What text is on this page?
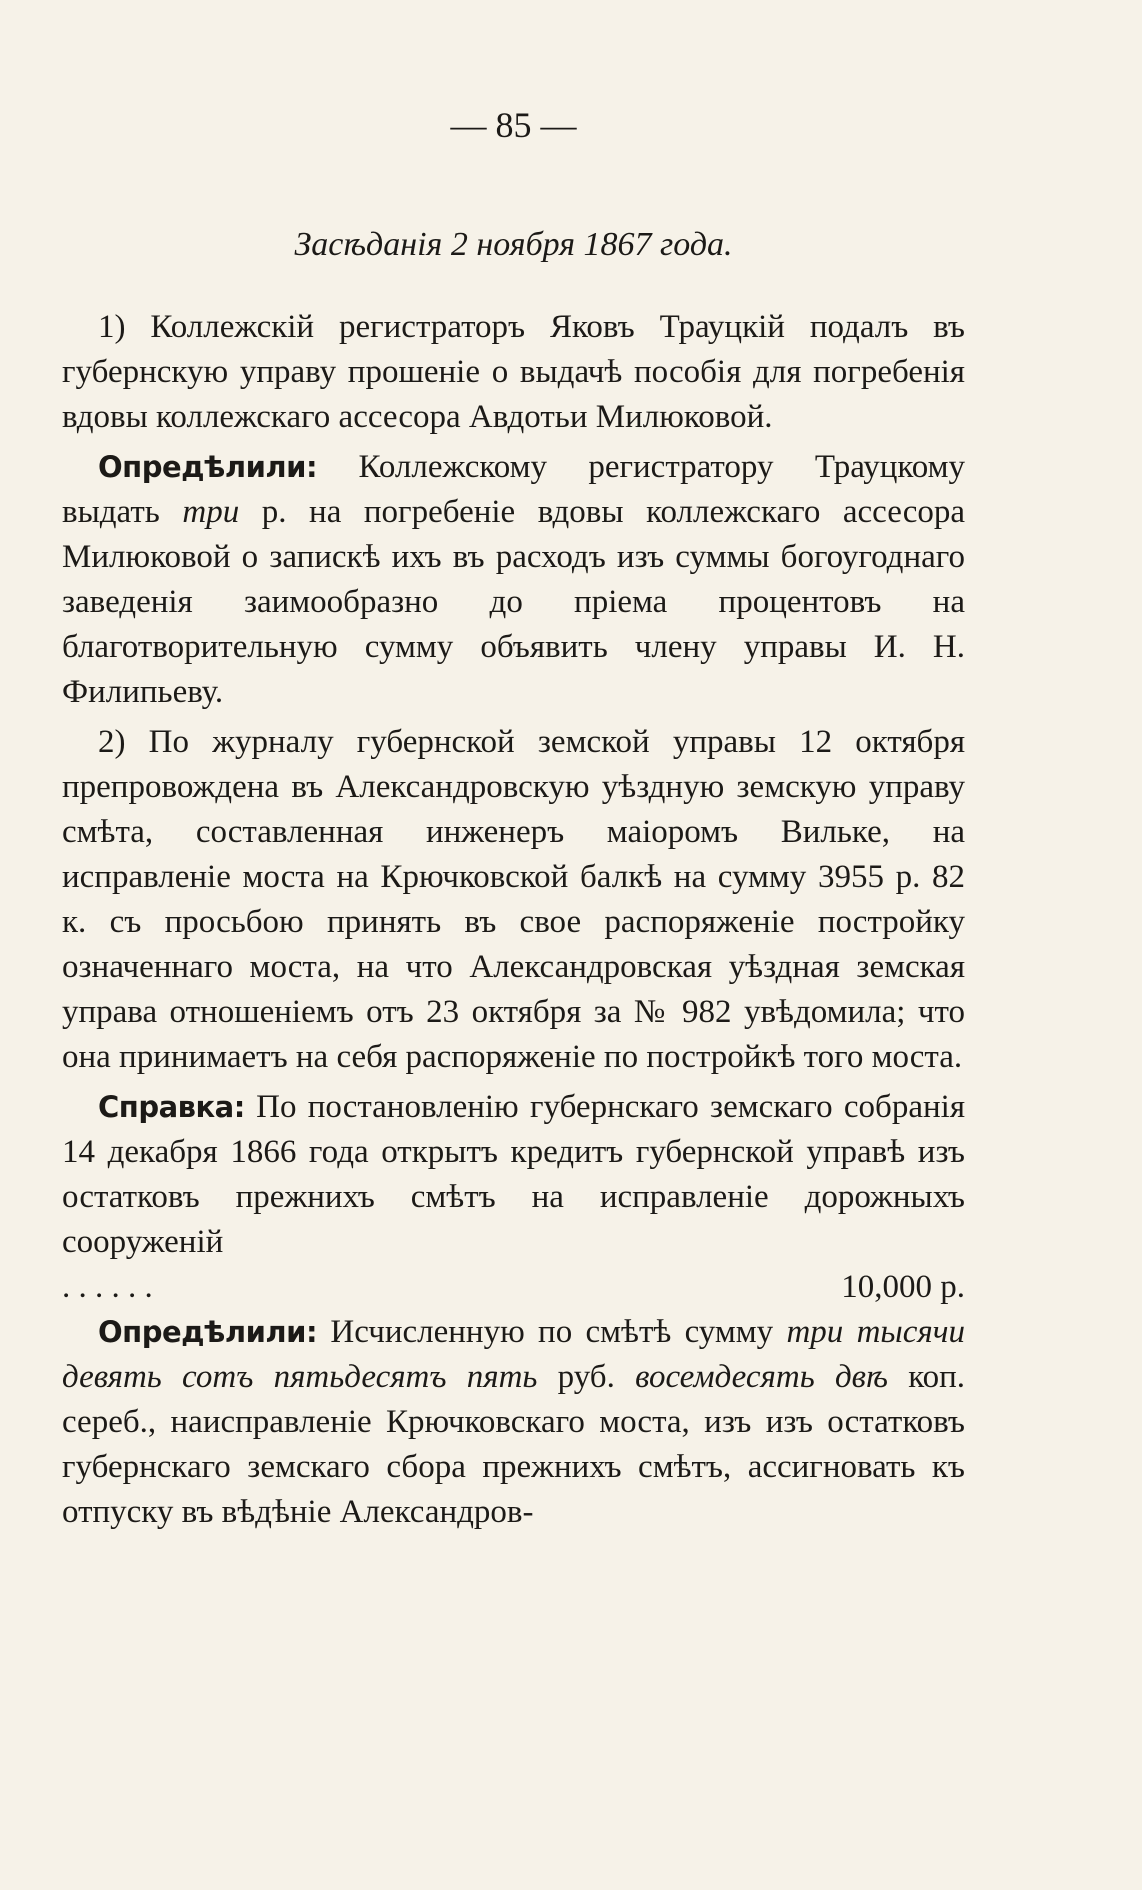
— 85 —
Засѣданія 2 ноября 1867 года.

1) Коллежскій регистраторъ Яковъ Трауцкій подалъ въ губернскую управу прошеніе о выдачѣ пособія для погребенія вдовы коллежскаго ассесора Авдотьи Милюковой.

Опредѣлили: Коллежскому регистратору Трауцкому выдать три р. на погребеніе вдовы коллежскаго ассесора Милюковой о запискѣ ихъ въ расходъ изъ суммы богоугоднаго заведенія заимообразно до пріема процентовъ на благотворительную сумму объявить члену управы И. Н. Филипьеву.

2) По журналу губернской земской управы 12 октября препровождена въ Александровскую уѣздную земскую управу смѣта, составленная инженеръ маіоромъ Вильке, на исправленіе моста на Крючковской балкѣ на сумму 3955 р. 82 к. съ просьбою принять въ свое распоряженіе постройку означеннаго моста, на что Александровская уѣздная земская управа отношеніемъ отъ 23 октября за № 982 увѣдомила; что она принимаетъ на себя распоряженіе по постройкѣ того моста.

Справка: По постановленію губернскаго земскаго собранія 14 декабря 1866 года открытъ кредитъ губернской управѣ изъ остатковъ прежнихъ смѣтъ на исправленіе дорожныхъ сооруженій

. . . . . .	10,000 р.

Опредѣлили: Исчисленную по смѣтѣ сумму три тысячи девять сотъ пятьдесятъ пять руб. восемдесять двѣ коп. сереб., наисправленіе Крючковскаго моста, изъ изъ остатковъ губернскаго земскаго сбора прежнихъ смѣтъ, ассигновать къ отпуску въ вѣдѣніе Александров-
